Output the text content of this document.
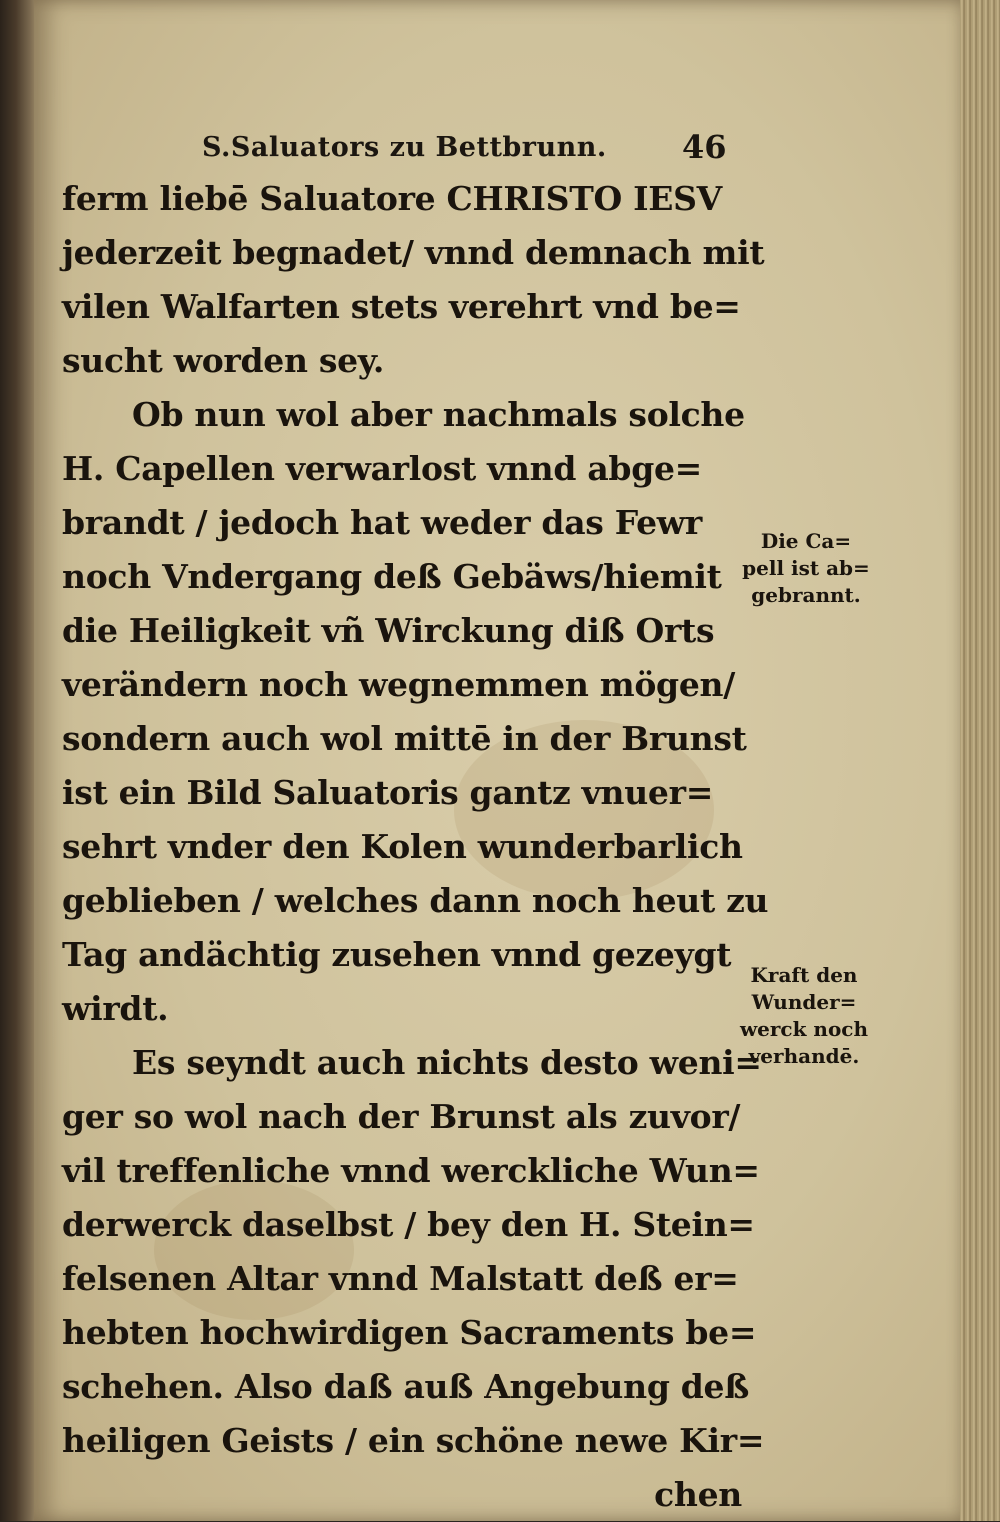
S.Saluators zu Bettbrunn. 46
ferm liebē Saluatore CHRISTO IESV
jederzeit begnadet/ vnnd demnach mit
vilen Walfarten stets verehrt vnd be=
sucht worden sey.
Ob nun wol aber nachmals solche
H. Capellen verwarlost vnnd abge=
brandt / jedoch hat weder das Fewr
noch Vndergang deß Gebäws/hiemit
die Heiligkeit vñ Wirckung diß Orts
verändern noch wegnemmen mögen/
sondern auch wol mittē in der Brunst
ist ein Bild Saluatoris gantz vnuer=
sehrt vnder den Kolen wunderbarlich
geblieben / welches dann noch heut zu
Tag andächtig zusehen vnnd gezeygt
wirdt.
Es seyndt auch nichts desto weni=
ger so wol nach der Brunst als zuvor/
vil treffenliche vnnd werckliche Wun=
derwerck daselbst / bey den H. Stein=
felsenen Altar vnnd Malstatt deß er=
hebten hochwirdigen Sacraments be=
schehen. Also daß auß Angebung deß
heiligen Geists / ein schöne newe Kir=
chen
Die Ca=
pell ist ab=
gebrannt.
Kraft den
Wunder=
werck noch
verhandē.
